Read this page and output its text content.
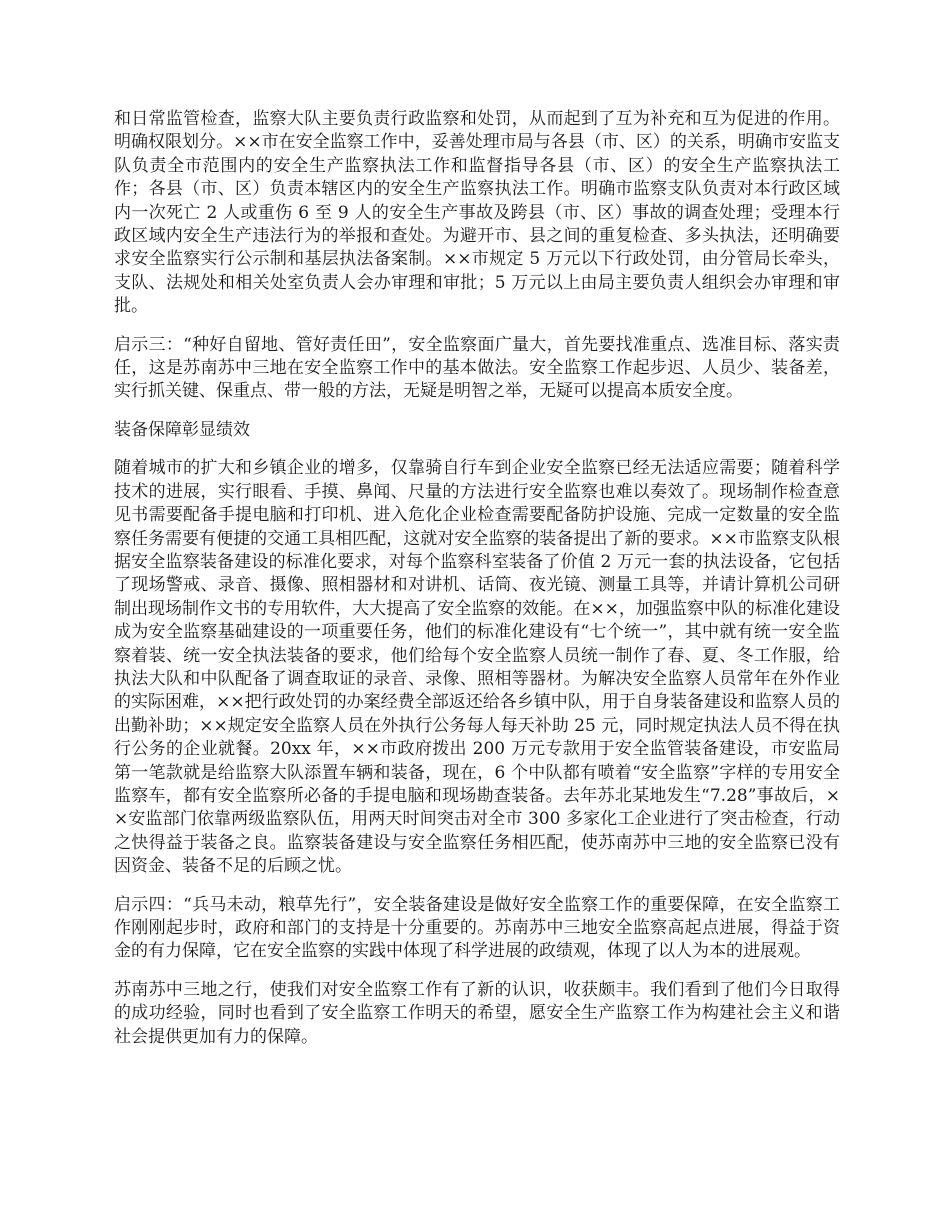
和日常监管检查，监察大队主要负责行政监察和处罚，从而起到了互为补充和互为促进的作用。明确权限划分。××市在安全监察工作中，妥善处理市局与各县（市、区）的关系，明确市安监支队负责全市范围内的安全生产监察执法工作和监督指导各县（市、区）的安全生产监察执法工作；各县（市、区）负责本辖区内的安全生产监察执法工作。明确市监察支队负责对本行政区域内一次死亡 2 人或重伤 6 至 9 人的安全生产事故及跨县（市、区）事故的调查处理；受理本行政区域内安全生产违法行为的举报和查处。为避开市、县之间的重复检查、多头执法，还明确要求安全监察实行公示制和基层执法备案制。××市规定 5 万元以下行政处罚，由分管局长牵头，支队、法规处和相关处室负责人会办审理和审批；5 万元以上由局主要负责人组织会办审理和审批。

启示三：“种好自留地、管好责任田”，安全监察面广量大，首先要找准重点、选准目标、落实责任，这是苏南苏中三地在安全监察工作中的基本做法。安全监察工作起步迟、人员少、装备差，实行抓关键、保重点、带一般的方法，无疑是明智之举，无疑可以提高本质安全度。

装备保障彰显绩效

随着城市的扩大和乡镇企业的增多，仅靠骑自行车到企业安全监察已经无法适应需要；随着科学技术的进展，实行眼看、手摸、鼻闻、尺量的方法进行安全监察也难以奏效了。现场制作检查意见书需要配备手提电脑和打印机、进入危化企业检查需要配备防护设施、完成一定数量的安全监察任务需要有便捷的交通工具相匹配，这就对安全监察的装备提出了新的要求。××市监察支队根据安全监察装备建设的标准化要求，对每个监察科室装备了价值 2 万元一套的执法设备，它包括了现场警戒、录音、摄像、照相器材和对讲机、话筒、夜光镜、测量工具等，并请计算机公司研制出现场制作文书的专用软件，大大提高了安全监察的效能。在××，加强监察中队的标准化建设成为安全监察基础建设的一项重要任务，他们的标准化建设有“七个统一”，其中就有统一安全监察着装、统一安全执法装备的要求，他们给每个安全监察人员统一制作了春、夏、冬工作服，给执法大队和中队配备了调查取证的录音、录像、照相等器材。为解决安全监察人员常年在外作业的实际困难，××把行政处罚的办案经费全部返还给各乡镇中队，用于自身装备建设和监察人员的出勤补助；××规定安全监察人员在外执行公务每人每天补助 25 元，同时规定执法人员不得在执行公务的企业就餐。20xx 年，××市政府拨出 200 万元专款用于安全监管装备建设，市安监局第一笔款就是给监察大队添置车辆和装备，现在，6 个中队都有喷着“安全监察”字样的专用安全监察车，都有安全监察所必备的手提电脑和现场勘查装备。去年苏北某地发生“7.28”事故后，××安监部门依靠两级监察队伍，用两天时间突击对全市 300 多家化工企业进行了突击检查，行动之快得益于装备之良。监察装备建设与安全监察任务相匹配，使苏南苏中三地的安全监察已没有因资金、装备不足的后顾之忧。

启示四：“兵马未动，粮草先行”，安全装备建设是做好安全监察工作的重要保障，在安全监察工作刚刚起步时，政府和部门的支持是十分重要的。苏南苏中三地安全监察高起点进展，得益于资金的有力保障，它在安全监察的实践中体现了科学进展的政绩观，体现了以人为本的进展观。

苏南苏中三地之行，使我们对安全监察工作有了新的认识，收获颇丰。我们看到了他们今日取得的成功经验，同时也看到了安全监察工作明天的希望，愿安全生产监察工作为构建社会主义和谐社会提供更加有力的保障。
